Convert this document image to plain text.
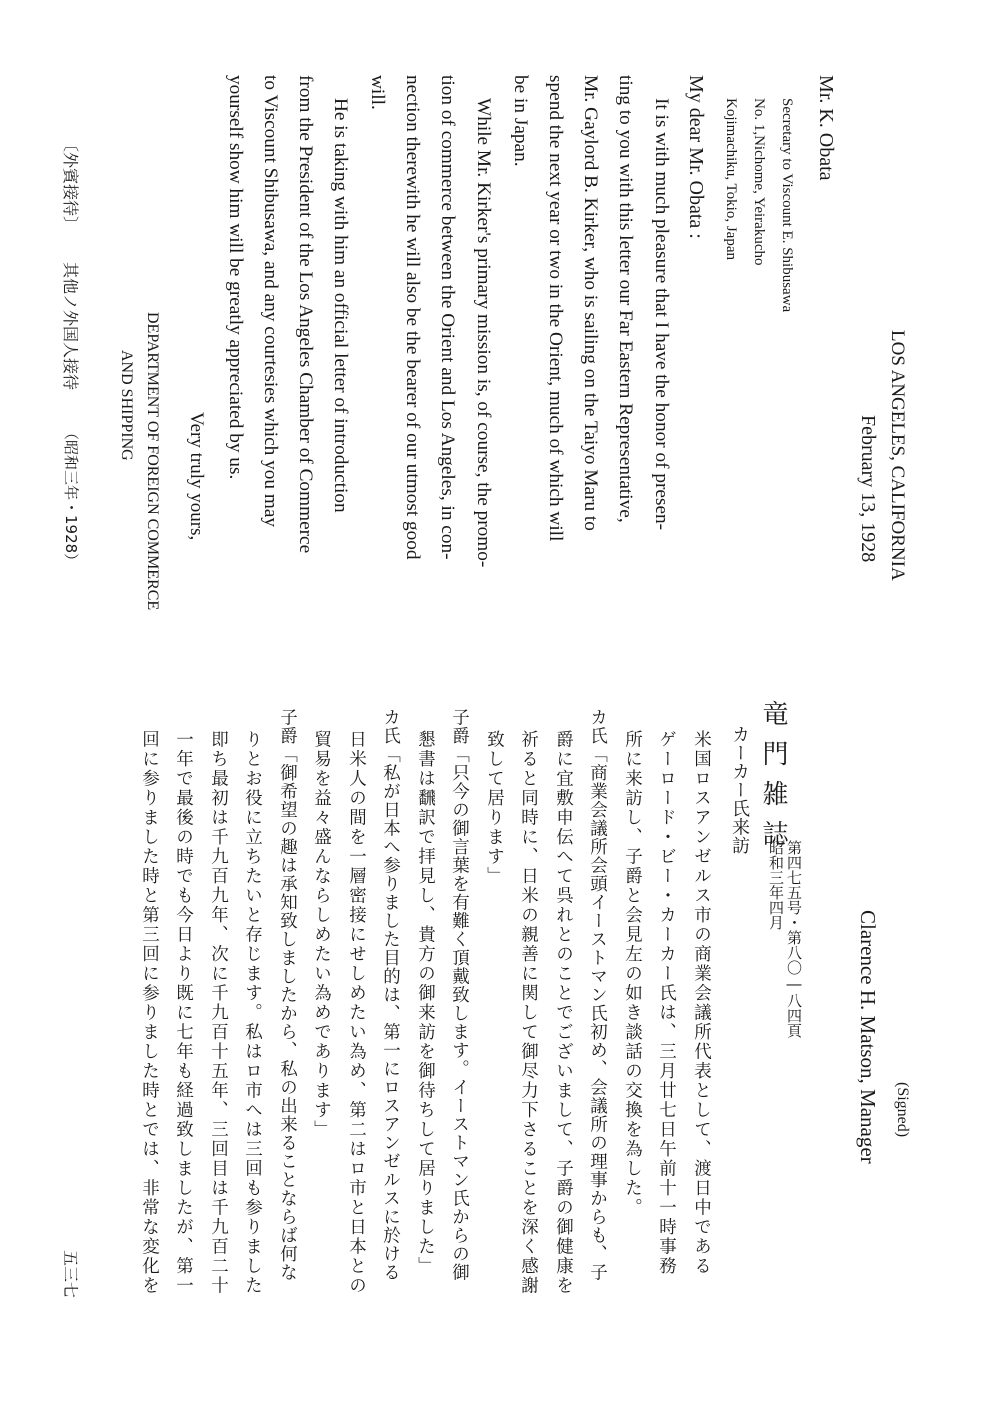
LOS ANGELES, CALIFORNIA
February 13, 1928
Mr. K. Obata
Secretary to Viscount E. Shibusawa
No. 1,Nichome, Yeirakucho
Kojimachiku, Tokio, Japan
My dear Mr. Obata :
It is with much pleasure that I have the honor of presen-
ting to you with this letter our Far Eastern Representative,
Mr. Gaylord B. Kirker, who is sailing on the Taiyo Maru to
spend the next year or two in the Orient, much of which will
be in Japan.
While Mr. Kirker's primary mission is, of course, the promo-
tion of commerce between the Orient and Los Angeles, in con-
nection therewith he will also be the bearer of our utmost good
will.
He is taking with him an official letter of introduction
from the President of the Los Angeles Chamber of Commerce
to Viscount Shibusawa, and any courtesies which you may
yourself show him will be greatly appreciated by us.
Very truly yours,
DEPARTMENT OF FOREIGN COMMERCE
AND SHIPPING
(Signed)
Clarence H. Matson, Manager
〔外賓接待〕
其他ノ外国人接待
（昭和三年・1928）
五三七
竜門雑誌
第四七五号・第八〇―八四頁
昭和三年四月
カーカー氏来訪
米国ロスアンゼルス市の商業会議所代表として、渡日中である
ゲーロード・ビー・カーカー氏は、三月廿七日午前十一時事務
所に来訪し、子爵と会見左の如き談話の交換を為した。
カ氏「商業会議所会頭イーストマン氏初め、会議所の理事からも、子
爵に宜敷申伝へて呉れとのことでございまして、子爵の御健康を
祈ると同時に、日米の親善に関して御尽力下さることを深く感謝
致して居ります」
子爵「只今の御言葉を有難く頂戴致します。イーストマン氏からの御
懇書は飜訳で拝見し、貴方の御来訪を御待ちして居りました」
カ氏「私が日本へ参りました目的は、第一にロスアンゼルスに於ける
日米人の間を一層密接にせしめたい為め、第二はロ市と日本との
貿易を益々盛んならしめたい為めであります」
子爵「御希望の趣は承知致しましたから、私の出来ることならば何な
りとお役に立ちたいと存じます。私はロ市へは三回も参りました
即ち最初は千九百九年、次に千九百十五年、三回目は千九百二十
一年で最後の時でも今日より既に七年も経過致しましたが、第一
回に参りました時と第三回に参りました時とでは、非常な変化を
